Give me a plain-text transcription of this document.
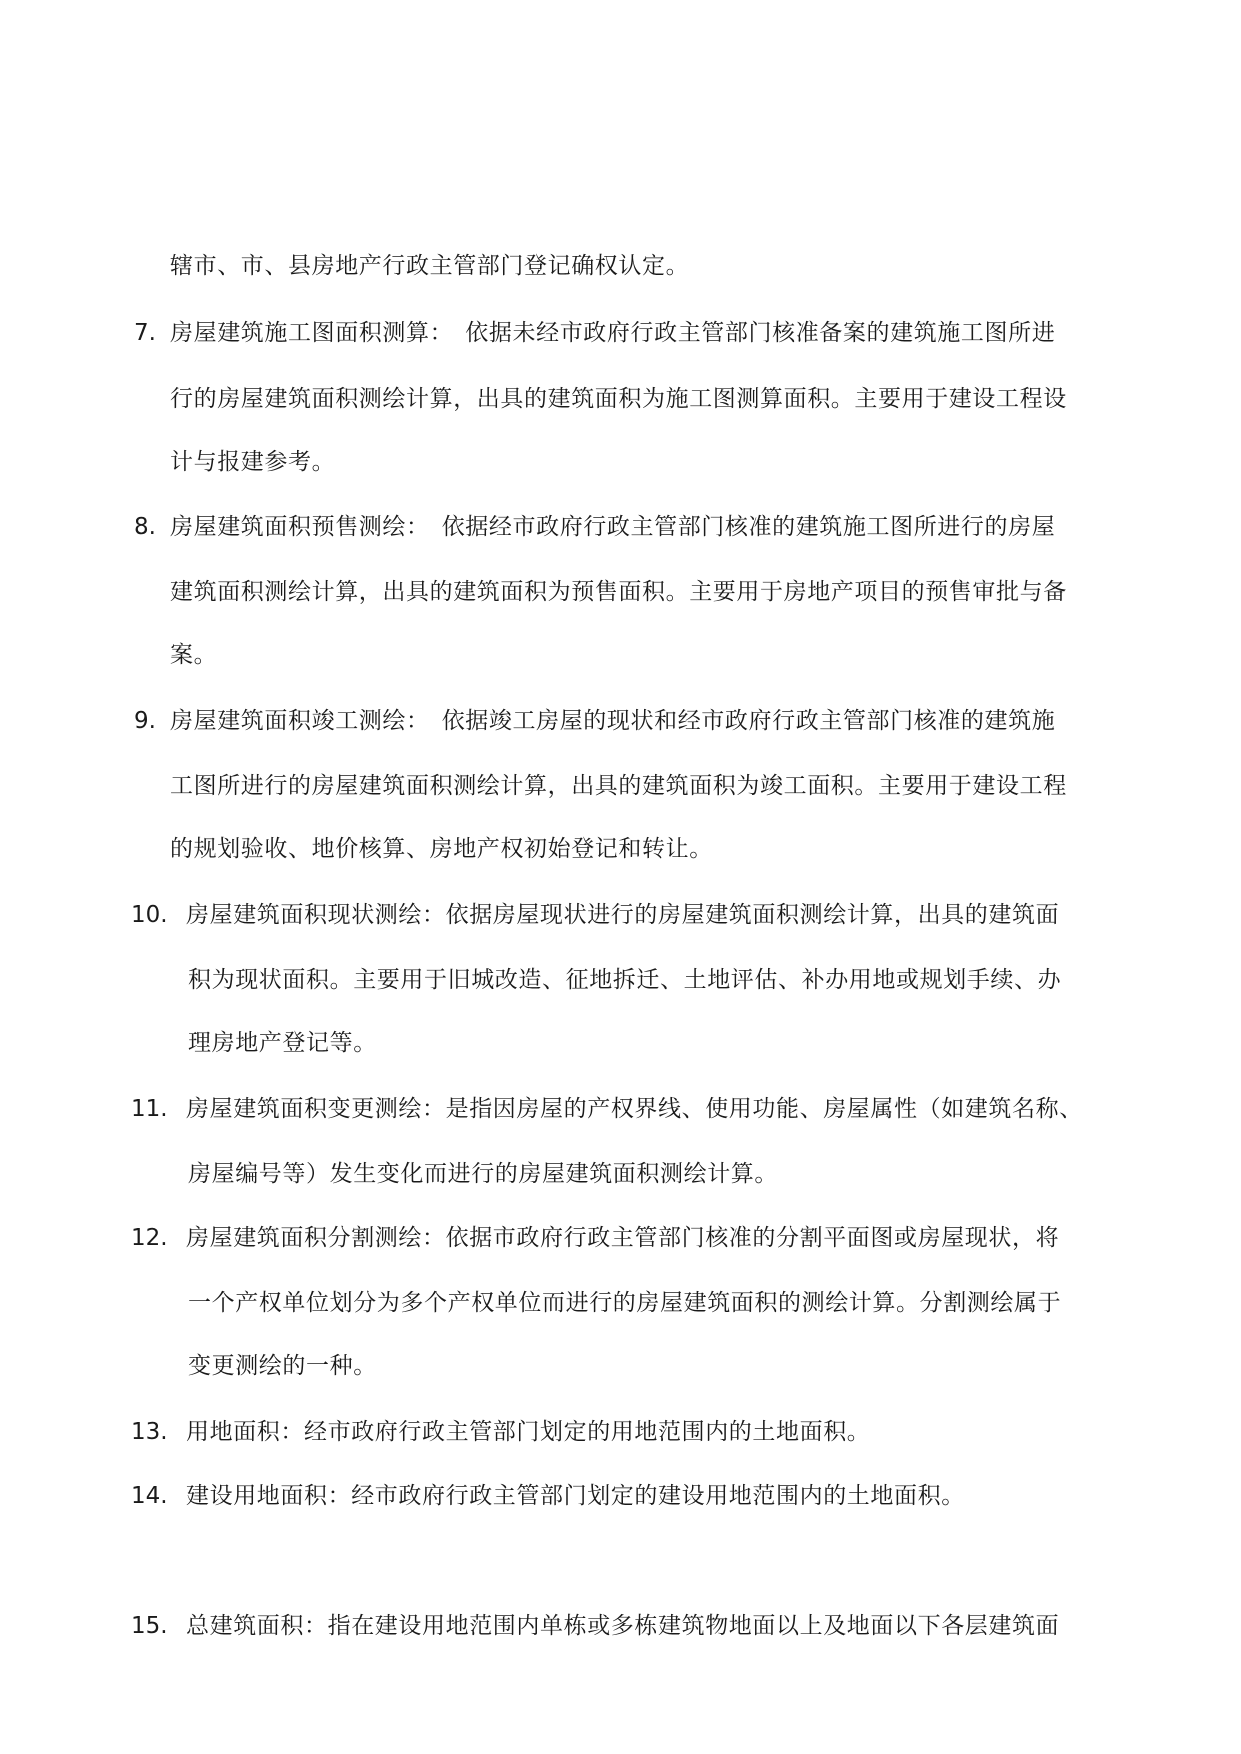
辖市、市、县房地产行政主管部门登记确权认定。
7. 房屋建筑施工图面积测算：　依据未经市政府行政主管部门核准备案的建筑施工图所进
行的房屋建筑面积测绘计算，出具的建筑面积为施工图测算面积。主要用于建设工程设
计与报建参考。
8. 房屋建筑面积预售测绘：　依据经市政府行政主管部门核准的建筑施工图所进行的房屋
建筑面积测绘计算，出具的建筑面积为预售面积。主要用于房地产项目的预售审批与备
案。
9. 房屋建筑面积竣工测绘：　依据竣工房屋的现状和经市政府行政主管部门核准的建筑施
工图所进行的房屋建筑面积测绘计算，出具的建筑面积为竣工面积。主要用于建设工程
的规划验收、地价核算、房地产权初始登记和转让。
10. 房屋建筑面积现状测绘：依据房屋现状进行的房屋建筑面积测绘计算，出具的建筑面
积为现状面积。主要用于旧城改造、征地拆迁、土地评估、补办用地或规划手续、办
理房地产登记等。
11. 房屋建筑面积变更测绘：是指因房屋的产权界线、使用功能、房屋属性（如建筑名称、
房屋编号等）发生变化而进行的房屋建筑面积测绘计算。
12. 房屋建筑面积分割测绘：依据市政府行政主管部门核准的分割平面图或房屋现状，将
一个产权单位划分为多个产权单位而进行的房屋建筑面积的测绘计算。分割测绘属于
变更测绘的一种。
13. 用地面积：经市政府行政主管部门划定的用地范围内的土地面积。
14. 建设用地面积：经市政府行政主管部门划定的建设用地范围内的土地面积。
15. 总建筑面积：指在建设用地范围内单栋或多栋建筑物地面以上及地面以下各层建筑面
